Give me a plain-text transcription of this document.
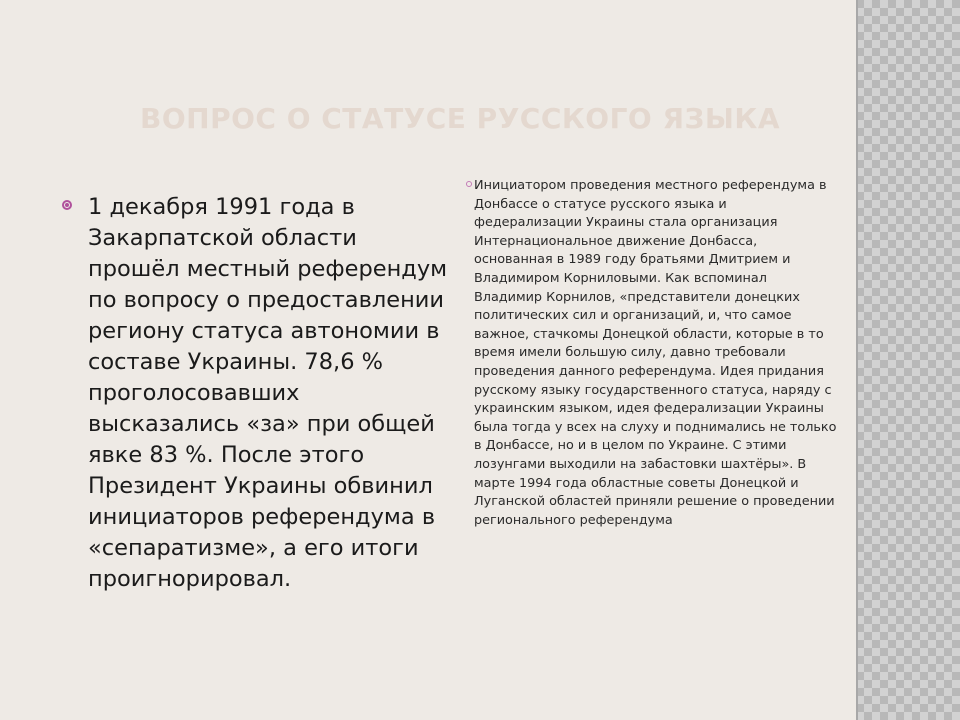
ВОПРОС О СТАТУСЕ РУССКОГО ЯЗЫКА

1 декабря 1991 года в Закарпатской области прошёл местный референдум по вопросу о предоставлении региону статуса автономии в составе Украины. 78,6 % проголосовавших высказались «за» при общей явке 83 %. После этого Президент Украины обвинил инициаторов референдума в «сепаратизме», а его итоги проигнорировал.

Инициатором проведения местного референдума в Донбассе о статусе русского языка и федерализации Украины стала организация Интернациональное движение Донбасса, основанная в 1989 году братьями Дмитрием и Владимиром Корниловыми. Как вспоминал Владимир Корнилов, «представители донецких политических сил и организаций, и, что самое важное, стачкомы Донецкой области, которые в то время имели большую силу, давно требовали проведения данного референдума. Идея придания русскому языку государственного статуса, наряду с украинским языком, идея федерализации Украины была тогда у всех на слуху и поднимались не только в Донбассе, но и в целом по Украине. С этими лозунгами выходили на забастовки шахтёры». В марте 1994 года областные советы Донецкой и Луганской областей приняли решение о проведении регионального референдума
